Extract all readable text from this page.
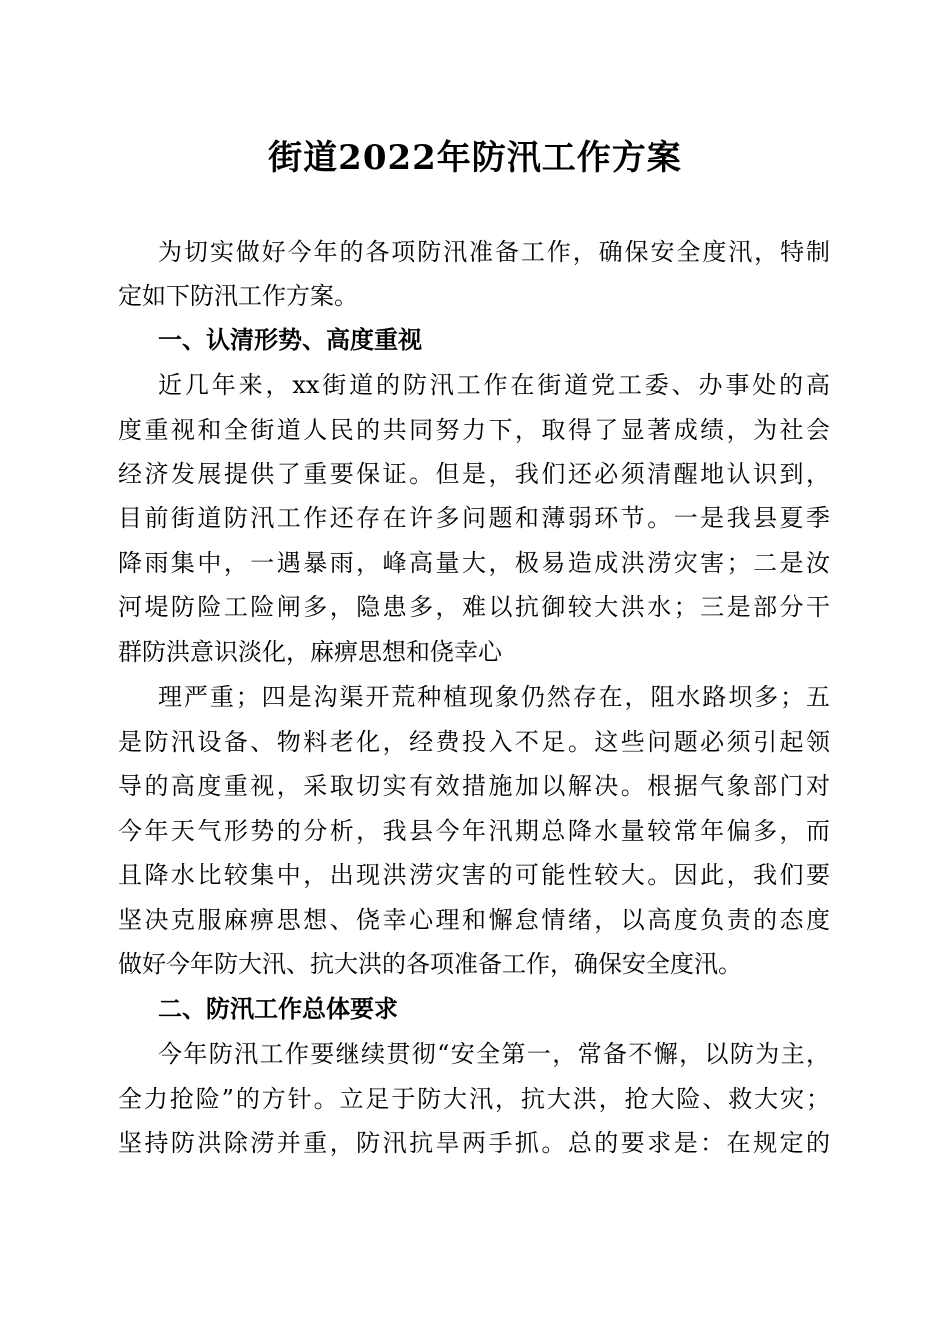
街道2022年防汛工作方案
为切实做好今年的各项防汛准备工作，确保安全度汛，特制
定如下防汛工作方案。
一、认清形势、高度重视
近几年来，xx街道的防汛工作在街道党工委、办事处的高
度重视和全街道人民的共同努力下，取得了显著成绩，为社会
经济发展提供了重要保证。但是，我们还必须清醒地认识到，
目前街道防汛工作还存在许多问题和薄弱环节。一是我县夏季
降雨集中，一遇暴雨，峰高量大，极易造成洪涝灾害；二是汝
河堤防险工险闸多，隐患多，难以抗御较大洪水；三是部分干
群防洪意识淡化，麻痹思想和侥幸心
理严重；四是沟渠开荒种植现象仍然存在，阻水路坝多；五
是防汛设备、物料老化，经费投入不足。这些问题必须引起领
导的高度重视，采取切实有效措施加以解决。根据气象部门对
今年天气形势的分析，我县今年汛期总降水量较常年偏多，而
且降水比较集中，出现洪涝灾害的可能性较大。因此，我们要
坚决克服麻痹思想、侥幸心理和懈怠情绪，以高度负责的态度
做好今年防大汛、抗大洪的各项准备工作，确保安全度汛。
二、防汛工作总体要求
今年防汛工作要继续贯彻“安全第一，常备不懈，以防为主，
全力抢险”的方针。立足于防大汛，抗大洪，抢大险、救大灾；
坚持防洪除涝并重，防汛抗旱两手抓。总的要求是：在规定的
